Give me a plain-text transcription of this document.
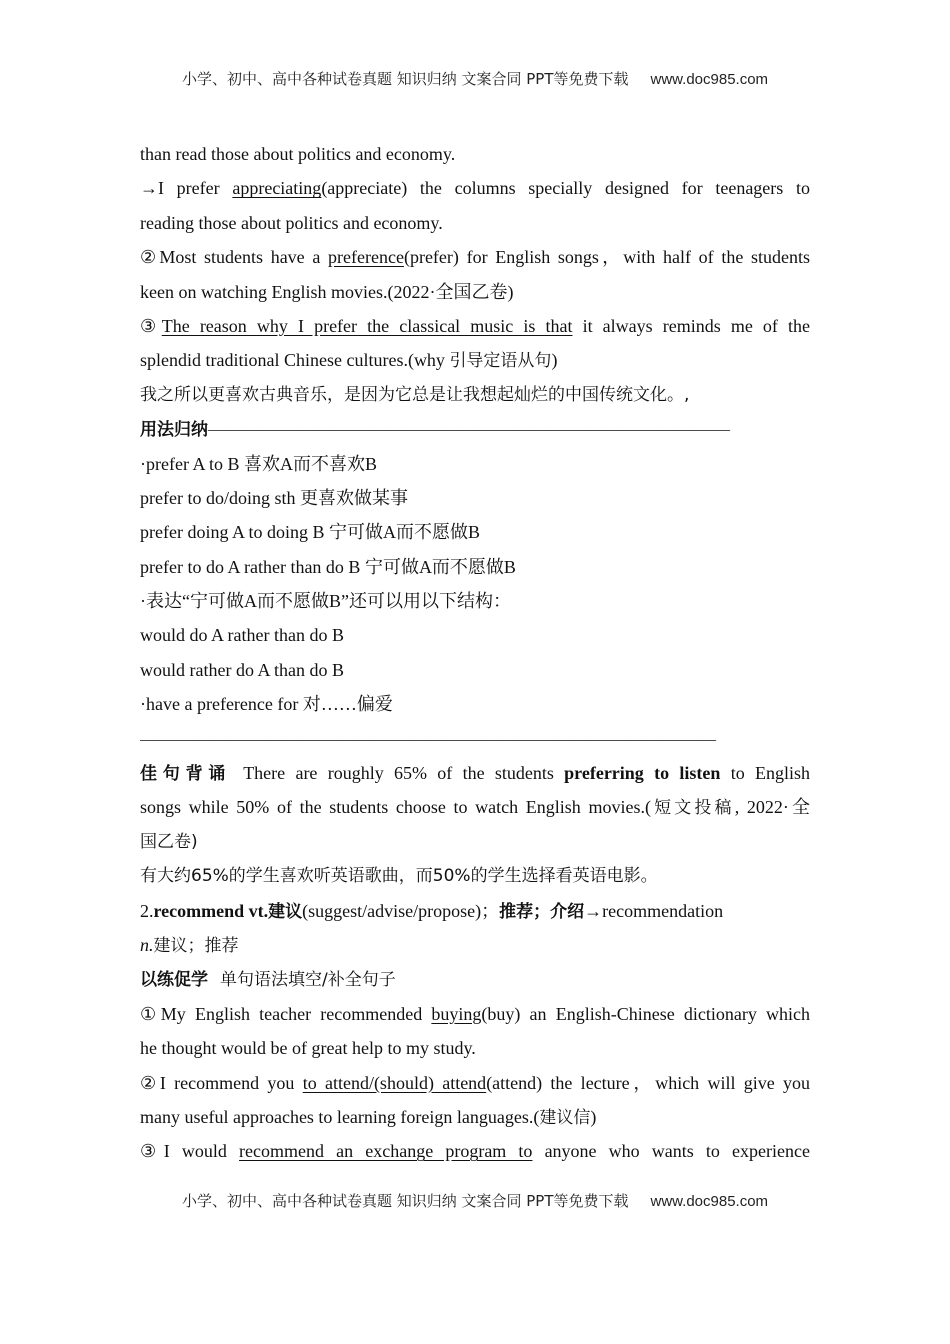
小学、初中、高中各种试卷真题 知识归纳 文案合同 PPT等免费下载 www.doc985.com
than read those about politics and economy.
→I prefer appreciating(appreciate) the columns specially designed for teenagers to
reading those about politics and economy.
②Most students have a preference(prefer) for English songs，with half of the students
keen on watching English movies.(2022·全国乙卷)
③The reason why I prefer the classical music is that it always reminds me of the
splendid traditional Chinese cultures.(why 引导定语从句)
我之所以更喜欢古典音乐，是因为它总是让我想起灿烂的中国传统文化。,
用法归纳—————————————————————————————
·prefer A to B 喜欢A而不喜欢B
prefer to do/doing sth 更喜欢做某事
prefer doing A to doing B 宁可做A而不愿做B
prefer to do A rather than do B 宁可做A而不愿做B
·表达“宁可做A而不愿做B”还可以用以下结构：
would do A rather than do B
would rather do A than do B
·have a preference for 对……偏爱
————————————————————————————————
佳句背诵 There are roughly 65% of the students preferring to listen to English
songs while 50% of the students choose to watch English movies.(短文投稿, 2022·全
国乙卷)
有大约65%的学生喜欢听英语歌曲，而50%的学生选择看英语电影。
2.recommend vt.建议(suggest/advise/propose)；推荐；介绍→recommendation
n.建议；推荐
以练促学 单句语法填空/补全句子
①My English teacher recommended buying(buy) an English-Chinese dictionary which
he thought would be of great help to my study.
②I recommend you to attend/(should) attend(attend) the lecture，which will give you
many useful approaches to learning foreign languages.(建议信)
③I would recommend an exchange program to anyone who wants to experience
小学、初中、高中各种试卷真题 知识归纳 文案合同 PPT等免费下载 www.doc985.com
